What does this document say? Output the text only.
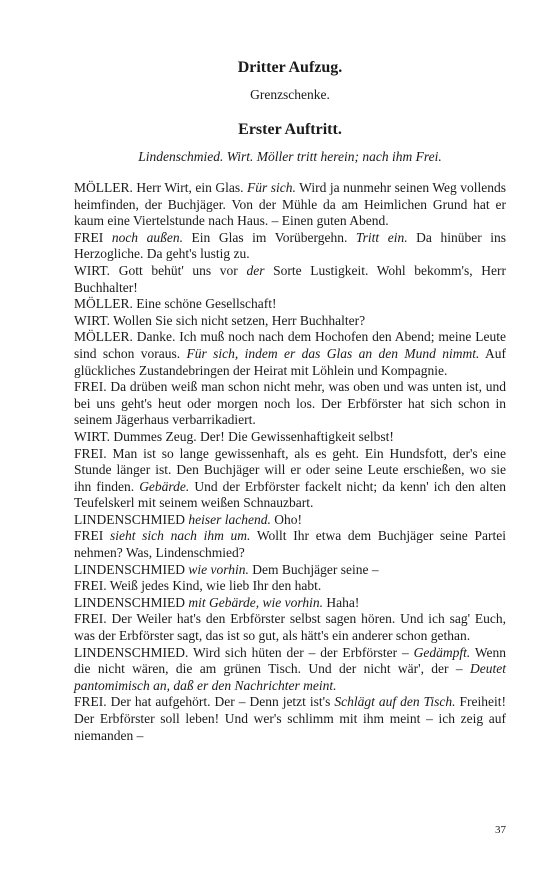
Dritter Aufzug.

Grenzschenke.

Erster Auftritt.

Lindenschmied. Wirt. Möller tritt herein; nach ihm Frei.

MÖLLER. Herr Wirt, ein Glas. Für sich. Wird ja nunmehr seinen Weg vollends heimfinden, der Buchjäger. Von der Mühle da am Heimlichen Grund hat er kaum eine Viertelstunde nach Haus. – Einen guten Abend.

FREI noch außen. Ein Glas im Vorübergehn. Tritt ein. Da hinüber ins Herzogliche. Da geht's lustig zu.

WIRT. Gott behüt' uns vor der Sorte Lustigkeit. Wohl bekomm's, Herr Buchhalter!

MÖLLER. Eine schöne Gesellschaft!

WIRT. Wollen Sie sich nicht setzen, Herr Buchhalter?

MÖLLER. Danke. Ich muß noch nach dem Hochofen den Abend; meine Leute sind schon voraus. Für sich, indem er das Glas an den Mund nimmt. Auf glückliches Zustandebringen der Heirat mit Löhlein und Kompagnie.

FREI. Da drüben weiß man schon nicht mehr, was oben und was unten ist, und bei uns geht's heut oder morgen noch los. Der Erbförster hat sich schon in seinem Jägerhaus verbarrikadiert.

WIRT. Dummes Zeug. Der! Die Gewissenhaftigkeit selbst!

FREI. Man ist so lange gewissenhaft, als es geht. Ein Hundsfott, der's eine Stunde länger ist. Den Buchjäger will er oder seine Leute erschießen, wo sie ihn finden. Gebärde. Und der Erbförster fackelt nicht; da kenn' ich den alten Teufelskerl mit seinem weißen Schnauzbart.

LINDENSCHMIED heiser lachend. Oho!

FREI sieht sich nach ihm um. Wollt Ihr etwa dem Buchjäger seine Partei nehmen? Was, Lindenschmied?

LINDENSCHMIED wie vorhin. Dem Buchjäger seine –

FREI. Weiß jedes Kind, wie lieb Ihr den habt.

LINDENSCHMIED mit Gebärde, wie vorhin. Haha!

FREI. Der Weiler hat's den Erbförster selbst sagen hören. Und ich sag' Euch, was der Erbförster sagt, das ist so gut, als hätt's ein anderer schon gethan.

LINDENSCHMIED. Wird sich hüten der – der Erbförster – Gedämpft. Wenn die nicht wären, die am grünen Tisch. Und der nicht wär', der – Deutet pantomimisch an, daß er den Nachrichter meint.

FREI. Der hat aufgehört. Der – Denn jetzt ist's Schlägt auf den Tisch. Freiheit! Der Erbförster soll leben! Und wer's schlimm mit ihm meint – ich zeig auf niemanden –

37
